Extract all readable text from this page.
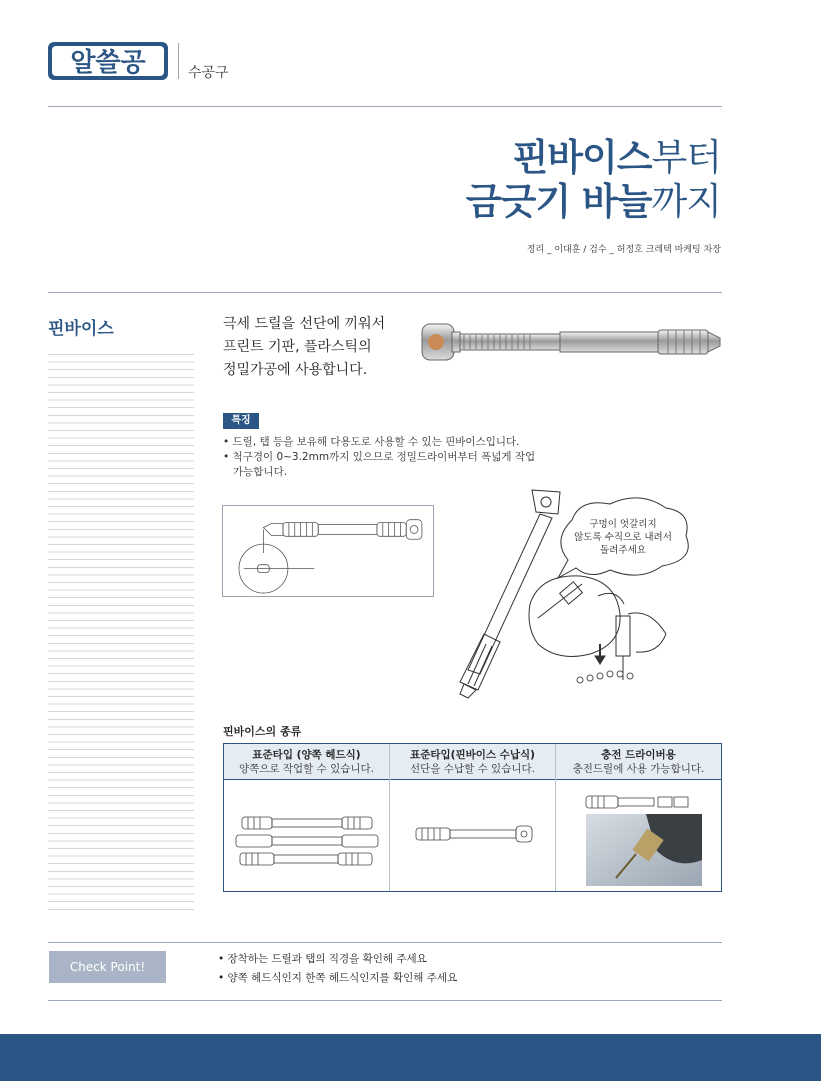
알쓸공	수공구
핀바이스부터
금긋기 바늘까지
정리 _ 이대훈 / 검수 _ 허정호 크레텍 마케팅 차장
핀바이스	극세 드릴을 선단에 끼워서
프린트 기판, 플라스틱의
정밀가공에 사용합니다.
특징
• 드릴, 탭 등을 보유해 다용도로 사용할 수 있는 핀바이스입니다.
• 척구경이 0~3.2mm까지 있으므로 정밀드라이버부터 폭넓게 작업
가능합니다.
구멍이 엇갈리지
않도록 수직으로 내려서
돌려주세요
핀바이스의 종류
표준타입 (양쪽 헤드식)
양쪽으로 작업할 수 있습니다.
표준타입(핀바이스 수납식)
선단을 수납할 수 있습니다.
충전 드라이버용
충전드릴에 사용 가능합니다.
Check Point!
• 장착하는 드릴과 탭의 직경을 확인해 주세요
• 양쪽 헤드식인지 한쪽 헤드식인지를 확인해 주세요
